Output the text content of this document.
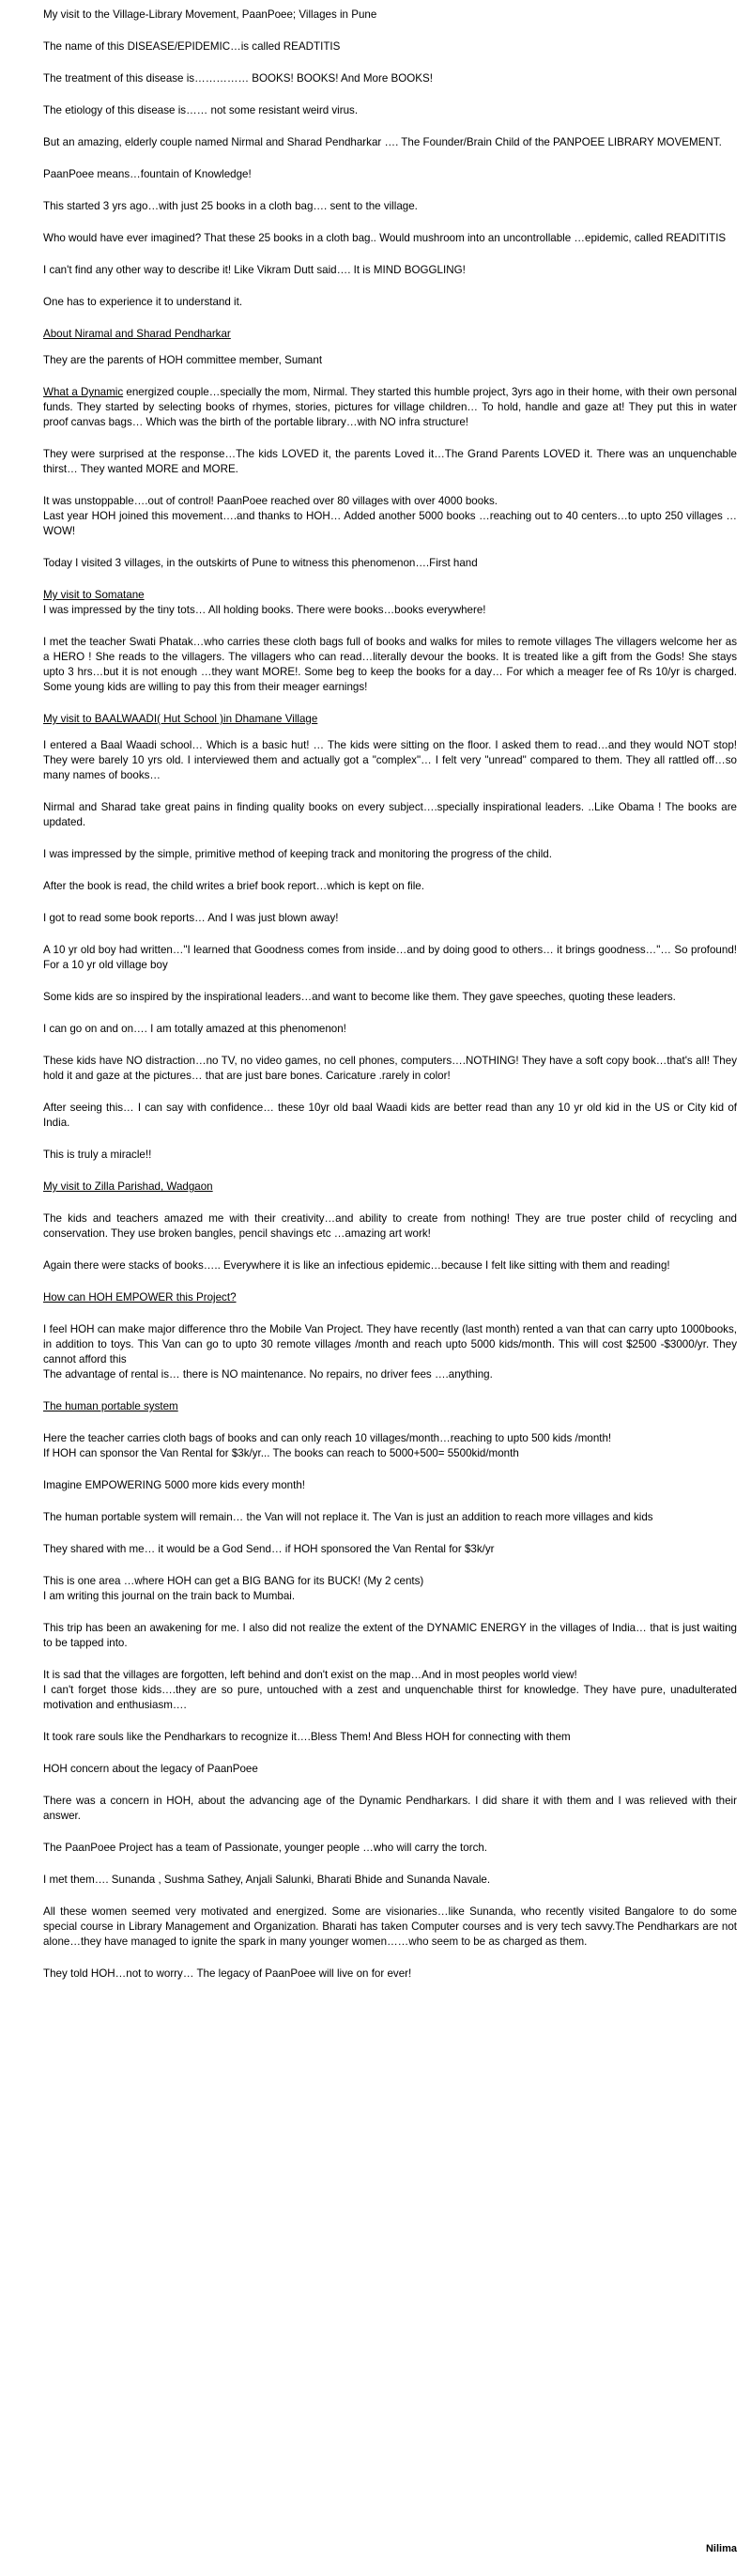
My visit to the Village-Library Movement, PaanPoee; Villages in Pune

The name of this DISEASE/EPIDEMIC…is called READTITIS

The treatment of this disease is…………… BOOKS! BOOKS! And More BOOKS!

The etiology of this disease is…… not some resistant weird virus.

But an amazing, elderly couple named Nirmal and Sharad Pendharkar …. The Founder/Brain Child of the PANPOEE LIBRARY MOVEMENT.

PaanPoee means…fountain of Knowledge!

This started 3 yrs ago…with just 25 books in a cloth bag…. sent to the village.

Who would have ever imagined? That these 25 books in a cloth bag.. Would mushroom into an uncontrollable …epidemic, called READITITIS

I can't find any other way to describe it! Like Vikram Dutt said…. It is MIND BOGGLING!

One has to experience it to understand it.

About Niramal and Sharad Pendharkar

They are the parents of HOH committee member, Sumant

What a Dynamic energized couple…specially the mom, Nirmal. They started this humble project, 3yrs ago in their home, with their own personal funds. They started by selecting books of rhymes, stories, pictures for village children… To hold, handle and gaze at! They put this in water proof canvas bags… Which was the birth of the portable library…with NO infra structure!

They were surprised at the response…The kids LOVED it, the parents Loved it…The Grand Parents LOVED it. There was an unquenchable thirst… They wanted MORE and MORE.

It was unstoppable….out of control! PaanPoee reached over 80 villages with over 4000 books.

Last year HOH joined this movement….and thanks to HOH… Added another 5000 books …reaching out to 40 centers…to upto 250 villages …WOW!

Today I visited 3 villages, in the outskirts of Pune to witness this phenomenon….First hand

My visit to Somatane

I was impressed by the tiny tots… All holding books. There were books…books everywhere!

I met the teacher Swati Phatak…who carries these cloth bags full of books and walks for miles to remote villages The villagers welcome her as a HERO ! She reads to the villagers. The villagers who can read…literally devour the books. It is treated like a gift from the Gods! She stays upto 3 hrs…but it is not enough …they want MORE!. Some beg to keep the books for a day… For which a meager fee of Rs 10/yr is charged. Some young kids are willing to pay this from their meager earnings!

My visit to BAALWAADI( Hut School )in Dhamane Village

I entered a Baal Waadi school… Which is a basic hut! … The kids were sitting on the floor. I asked them to read…and they would NOT stop! They were barely 10 yrs old. I interviewed them and actually got a "complex"… I felt very "unread" compared to them. They all rattled off…so many names of books…

Nirmal and Sharad take great pains in finding quality books on every subject….specially inspirational leaders. ..Like Obama ! The books are updated.

I was impressed by the simple, primitive method of keeping track and monitoring the progress of the child.

After the book is read, the child writes a brief book report…which is kept on file.

I got to read some book reports… And I was just blown away!

A 10 yr old boy had written…"I learned that Goodness comes from inside…and by doing good to others… it brings goodness…"… So profound! For a 10 yr old village boy

Some kids are so inspired by the inspirational leaders…and want to become like them. They gave speeches, quoting these leaders.

I can go on and on…. I am totally amazed at this phenomenon!

These kids have NO distraction…no TV, no video games, no cell phones, computers….NOTHING! They have a soft copy book…that's all! They hold it and gaze at the pictures… that are just bare bones. Caricature .rarely in color!

After seeing this… I can say with confidence… these 10yr old baal Waadi kids are better read than any 10 yr old kid in the US or City kid of India.

This is truly a miracle!!

My visit to Zilla Parishad, Wadgaon

The kids and teachers amazed me with their creativity…and ability to create from nothing! They are true poster child of recycling and conservation. They use broken bangles, pencil shavings etc …amazing art work!

Again there were stacks of books….. Everywhere it is like an infectious epidemic…because I felt like sitting with them and reading!

How can HOH EMPOWER this Project?

I feel HOH can make major difference thro the Mobile Van Project. They have recently (last month) rented a van that can carry upto 1000books, in addition to toys. This Van can go to upto 30 remote villages /month and reach upto 5000 kids/month. This will cost $2500 -$3000/yr. They cannot afford this

The advantage of rental is… there is NO maintenance. No repairs, no driver fees ….anything.

The human portable system

Here the teacher carries cloth bags of books and can only reach 10 villages/month…reaching to upto 500 kids /month!

If HOH can sponsor the Van Rental for $3k/yr... The books can reach to 5000+500= 5500kid/month

Imagine EMPOWERING 5000 more kids every month!

The human portable system will remain… the Van will not replace it. The Van is just an addition to reach more villages and kids

They shared with me… it would be a God Send… if HOH sponsored the Van Rental for $3k/yr

This is one area …where HOH can get a BIG BANG for its BUCK! (My 2 cents)

I am writing this journal on the train back to Mumbai.

This trip has been an awakening for me. I also did not realize the extent of the DYNAMIC ENERGY in the villages of India… that is just waiting to be tapped into.

It is sad that the villages are forgotten, left behind and don't exist on the map…And in most peoples world view!

I can't forget those kids….they are so pure, untouched with a zest and unquenchable thirst for knowledge. They have pure, unadulterated motivation and enthusiasm….

It took rare souls like the Pendharkars to recognize it….Bless Them! And Bless HOH for connecting with them

HOH concern about the legacy of PaanPoee

There was a concern in HOH, about the advancing age of the Dynamic Pendharkars. I did share it with them and I was relieved with their answer.

The PaanPoee Project has a team of Passionate, younger people …who will carry the torch.

I met them…. Sunanda , Sushma Sathey, Anjali Salunki, Bharati Bhide and Sunanda Navale.

All these women seemed very motivated and energized. Some are visionaries…like Sunanda, who recently visited Bangalore to do some special course in Library Management and Organization. Bharati has taken Computer courses and is very tech savvy.The Pendharkars are not alone…they have managed to ignite the spark in many younger women……who seem to be as charged as them.

They told HOH…not to worry… The legacy of PaanPoee will live on for ever!

Nilima
